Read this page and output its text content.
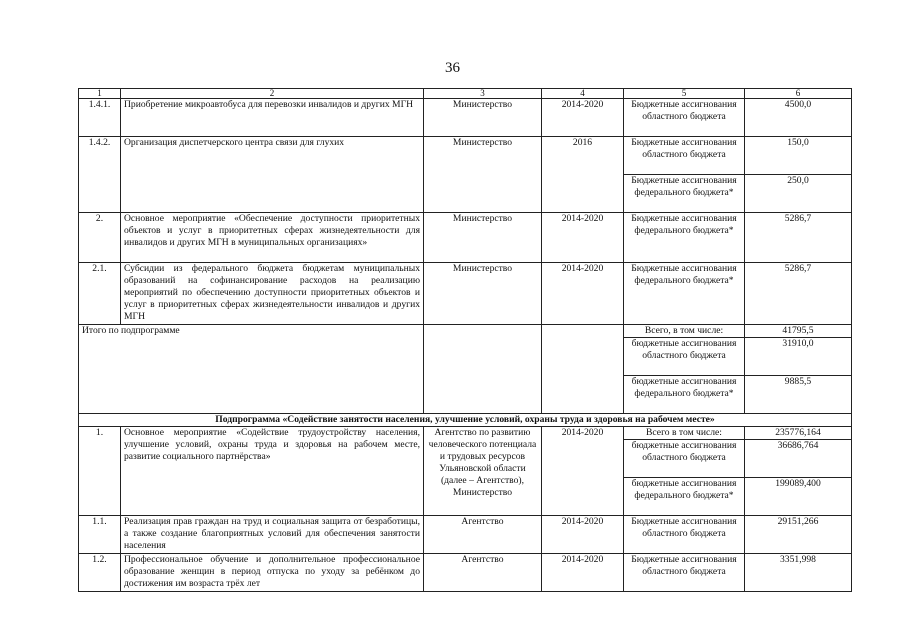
36
1	2	3	4	5	6
1.4.1.	Приобретение микроавтобуса для перевозки инвалидов и других МГН	Министерство	2014-2020	Бюджетные ассигнования областного бюджета	4500,0
1.4.2.	Организация диспетчерского центра связи для глухих	Министерство	2016	Бюджетные ассигнования областного бюджета	150,0
				Бюджетные ассигнования федерального бюджета*	250,0
2.	Основное мероприятие «Обеспечение доступности приоритетных объектов и услуг в приоритетных сферах жизнедеятельности для инвалидов и других МГН в муниципальных организациях»	Министерство	2014-2020	Бюджетные ассигнования федерального бюджета*	5286,7
2.1.	Субсидии из федерального бюджета бюджетам муниципальных образований на софинансирование расходов на реализацию мероприятий по обеспечению доступности приоритетных объектов и услуг в приоритетных сферах жизнедеятельности инвалидов и других МГН	Министерство	2014-2020	Бюджетные ассигнования федерального бюджета*	5286,7
Итого по подпрограмме				Всего, в том числе:	41795,5
				бюджетные ассигнования областного бюджета	31910,0
				бюджетные ассигнования федерального бюджета*	9885,5
Подпрограмма «Содействие занятости населения, улучшение условий, охраны труда и здоровья на рабочем месте»					
1.	Основное мероприятие «Содействие трудоустройству населения, улучшение условий, охраны труда и здоровья на рабочем месте, развитие социального партнёрства»	Агентство по развитию человеческого потенциала и трудовых ресурсов Ульяновской области (далее – Агентство), Министерство	2014-2020	Всего в том числе:	235776,164
				бюджетные ассигнования областного бюджета	36686,764
				бюджетные ассигнования федерального бюджета*	199089,400
1.1.	Реализация прав граждан на труд и социальная защита от безработицы, а также создание благоприятных условий для обеспечения занятости населения	Агентство	2014-2020	Бюджетные ассигнования областного бюджета	29151,266
1.2.	Профессиональное обучение и дополнительное профессиональное образование женщин в период отпуска по уходу за ребёнком до достижения им возраста трёх лет	Агентство	2014-2020	Бюджетные ассигнования областного бюджета	3351,998
